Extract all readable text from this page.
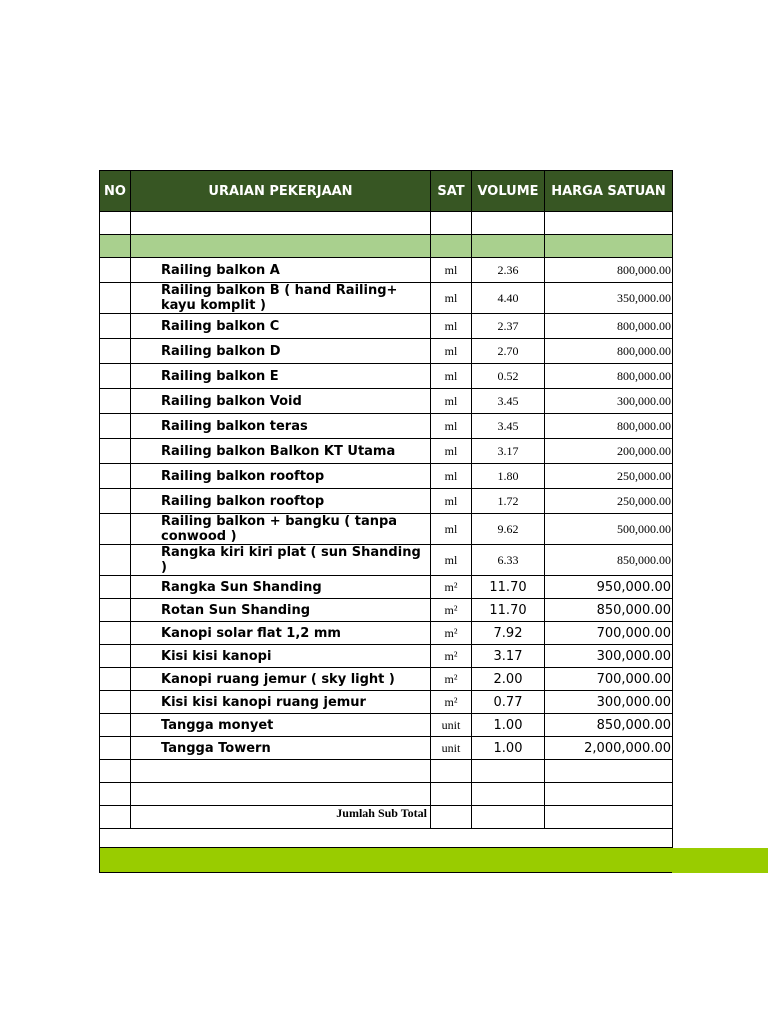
NO	URAIAN PEKERJAAN	SAT	VOLUME	HARGA SATUAN

	Railing balkon A	ml	2.36	800,000.00
	Railing balkon B ( hand Railing+ kayu komplit )	ml	4.40	350,000.00
	Railing balkon C	ml	2.37	800,000.00
	Railing balkon D	ml	2.70	800,000.00
	Railing balkon E	ml	0.52	800,000.00
	Railing balkon Void	ml	3.45	300,000.00
	Railing balkon teras	ml	3.45	800,000.00
	Railing balkon Balkon KT Utama	ml	3.17	200,000.00
	Railing balkon rooftop	ml	1.80	250,000.00
	Railing balkon rooftop	ml	1.72	250,000.00
	Railing balkon + bangku ( tanpa conwood )	ml	9.62	500,000.00
	Rangka kiri kiri plat ( sun Shanding )	ml	6.33	850,000.00
	Rangka Sun Shanding	m²	11.70	950,000.00
	Rotan Sun Shanding	m²	11.70	850,000.00
	Kanopi solar flat 1,2 mm	m²	7.92	700,000.00
	Kisi kisi kanopi	m²	3.17	300,000.00
	Kanopi ruang jemur ( sky light )	m²	2.00	700,000.00
	Kisi kisi kanopi ruang jemur	m²	0.77	300,000.00
	Tangga monyet	unit	1.00	850,000.00
	Tangga Towern	unit	1.00	2,000,000.00

	Jumlah Sub Total			
